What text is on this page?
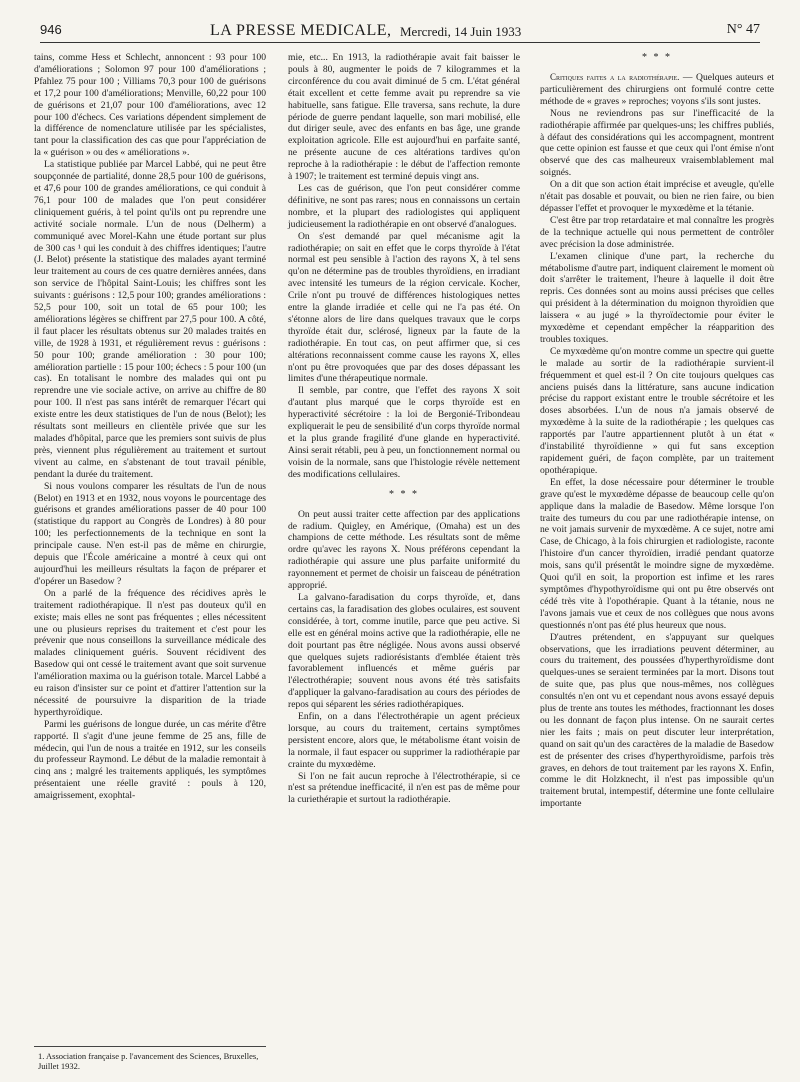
946	LA PRESSE MEDICALE, Mercredi, 14 Juin 1933	N° 47

tains, comme Hess et Schlecht, annoncent : 93 pour 100 d'améliorations ; Solomon 97 pour 100 d'améliorations ; Pfahlez 75 pour 100 ; Villiams 70,3 pour 100 de guérisons et 17,2 pour 100 d'améliorations; Menville, 60,22 pour 100 de guérisons et 21,07 pour 100 d'améliorations, avec 12 pour 100 d'échecs. Ces variations dépendent simplement de la différence de nomenclature utilisée par les spécialistes, tant pour la classification des cas que pour l'appréciation de la « guérison » ou des « améliorations ».

La statistique publiée par Marcel Labbé, qui ne peut être soupçonnée de partialité, donne 28,5 pour 100 de guérisons, et 47,6 pour 100 de grandes améliorations, ce qui conduit à 76,1 pour 100 de malades que l'on peut considérer cliniquement guéris, à tel point qu'ils ont pu reprendre une activité sociale normale. L'un de nous (Delherm) a communiqué avec Morel-Kahn une étude portant sur plus de 300 cas ¹ qui les conduit à des chiffres identiques; l'autre (J. Belot) présente la statistique des malades ayant terminé leur traitement au cours de ces quatre dernières années, dans son service de l'hôpital Saint-Louis; les chiffres sont les suivants : guérisons : 12,5 pour 100; grandes améliorations : 52,5 pour 100, soit un total de 65 pour 100; les améliorations légères se chiffrent par 27,5 pour 100. A côté, il faut placer les résultats obtenus sur 20 malades traités en ville, de 1928 à 1931, et régulièrement revus : guérisons : 50 pour 100; grande amélioration : 30 pour 100; amélioration partielle : 15 pour 100; échecs : 5 pour 100 (un cas). En totalisant le nombre des malades qui ont pu reprendre une vie sociale active, on arrive au chiffre de 80 pour 100. Il n'est pas sans intérêt de remarquer l'écart qui existe entre les deux statistiques de l'un de nous (Belot); les résultats sont meilleurs en clientèle privée que sur les malades d'hôpital, parce que les premiers sont suivis de plus près, viennent plus régulièrement au traitement et surtout vivent au calme, en s'abstenant de tout travail pénible, pendant la durée du traitement.

Si nous voulons comparer les résultats de l'un de nous (Belot) en 1913 et en 1932, nous voyons le pourcentage des guérisons et grandes améliorations passer de 40 pour 100 (statistique du rapport au Congrès de Londres) à 80 pour 100; les perfectionnements de la technique en sont la principale cause. N'en est-il pas de même en chirurgie, depuis que l'École américaine a montré à ceux qui ont aujourd'hui les meilleurs résultats la façon de préparer et d'opérer un Basedow ?

On a parlé de la fréquence des récidives après le traitement radiothérapique. Il n'est pas douteux qu'il en existe; mais elles ne sont pas fréquentes ; elles nécessitent une ou plusieurs reprises du traitement et c'est pour les prévenir que nous conseillons la surveillance médicale des malades cliniquement guéris. Souvent récidivent des Basedow qui ont cessé le traitement avant que soit survenue l'amélioration maxima ou la guérison totale. Marcel Labbé a eu raison d'insister sur ce point et d'attirer l'attention sur la nécessité de poursuivre la disparition de la triade hyperthyroïdique.

Parmi les guérisons de longue durée, un cas mérite d'être rapporté. Il s'agit d'une jeune femme de 25 ans, fille de médecin, qui l'un de nous a traitée en 1912, sur les conseils du professeur Raymond. Le début de la maladie remontait à cinq ans ; malgré les traitements appliqués, les symptômes présentaient une réelle gravité : pouls à 120, amaigrissement, exophtal-

mie, etc... En 1913, la radiothérapie avait fait baisser le pouls à 80, augmenter le poids de 7 kilogrammes et la circonférence du cou avait diminué de 5 cm. L'état général était excellent et cette femme avait pu reprendre sa vie habituelle, sans fatigue. Elle traversa, sans rechute, la dure période de guerre pendant laquelle, son mari mobilisé, elle dut diriger seule, avec des enfants en bas âge, une grande exploitation agricole. Elle est aujourd'hui en parfaite santé, ne présente aucune de ces altérations tardives qu'on reproche à la radiothérapie : le début de l'affection remonte à 1907; le traitement est terminé depuis vingt ans.

Les cas de guérison, que l'on peut considérer comme définitive, ne sont pas rares; nous en connaissons un certain nombre, et la plupart des radiologistes qui appliquent judicieusement la radiothérapie en ont observé d'analogues.

On s'est demandé par quel mécanisme agit la radiothérapie; on sait en effet que le corps thyroïde à l'état normal est peu sensible à l'action des rayons X, à tel sens qu'on ne détermine pas de troubles thyroïdiens, en irradiant avec intensité les tumeurs de la région cervicale. Kocher, Crile n'ont pu trouvé de différences histologiques nettes entre la glande irradiée et celle qui ne l'a pas été. On s'étonne alors de lire dans quelques travaux que le corps thyroïde était dur, sclérosé, ligneux par la faute de la radiothérapie. En tout cas, on peut affirmer que, si ces altérations reconnaissent comme cause les rayons X, elles n'ont pu être provoquées que par des doses dépassant les limites d'une thérapeutique normale.

Il semble, par contre, que l'effet des rayons X soit d'autant plus marqué que le corps thyroïde est en hyperactivité sécrétoire : la loi de Bergonié-Tribondeau expliquerait le peu de sensibilité d'un corps thyroïde normal et la plus grande fragilité d'une glande en hyperactivité. Ainsi serait rétabli, peu à peu, un fonctionnement normal ou voisin de la normale, sans que l'histologie révèle nettement des modifications cellulaires.

* * *

On peut aussi traiter cette affection par des applications de radium. Quigley, en Amérique, (Omaha) est un des champions de cette méthode. Les résultats sont de même ordre qu'avec les rayons X. Nous préférons cependant la radiothérapie qui assure une plus parfaite uniformité du rayonnement et permet de choisir un faisceau de pénétration approprié.

La galvano-faradisation du corps thyroïde, et, dans certains cas, la faradisation des globes oculaires, est souvent considérée, à tort, comme inutile, parce que peu active. Si elle est en général moins active que la radiothérapie, elle ne doit pourtant pas être négligée. Nous avons aussi observé que quelques sujets radiorésistants d'emblée étaient très favorablement influencés et même guéris par l'électrothérapie; souvent nous avons été très satisfaits d'appliquer la galvano-faradisation au cours des périodes de repos qui séparent les séries radiothérapiques.

Enfin, on a dans l'électrothérapie un agent précieux lorsque, au cours du traitement, certains symptômes persistent encore, alors que, le métabolisme étant voisin de la normale, il faut espacer ou supprimer la radiothérapie par crainte du myxœdème.

Si l'on ne fait aucun reproche à l'électrothérapie, si ce n'est sa prétendue inefficacité, il n'en est pas de même pour la curiethérapie et surtout la radiothérapie.

* * *

Critiques faites a la radiothérapie. — Quelques auteurs et particulièrement des chirurgiens ont formulé contre cette méthode de « graves » reproches; voyons s'ils sont justes.

Nous ne reviendrons pas sur l'inefficacité de la radiothérapie affirmée par quelques-uns; les chiffres publiés, à défaut des considérations qui les accompagnent, montrent que cette opinion est fausse et que ceux qui l'ont émise n'ont observé que des cas malheureux vraisemblablement mal soignés.

On a dit que son action était imprécise et aveugle, qu'elle n'était pas dosable et pouvait, ou bien ne rien faire, ou bien dépasser l'effet et provoquer le myxœdème et la tétanie.

C'est être par trop retardataire et mal connaître les progrès de la technique actuelle qui nous permettent de contrôler avec précision la dose administrée.

L'examen clinique d'une part, la recherche du métabolisme d'autre part, indiquent clairement le moment où doit s'arrêter le traitement, l'heure à laquelle il doit être repris. Ces données sont au moins aussi précises que celles qui président à la détermination du moignon thyroïdien que laissera « au jugé » la thyroïdectomie pour éviter le myxœdème et cependant empêcher la réapparition des troubles toxiques.

Ce myxœdème qu'on montre comme un spectre qui guette le malade au sortir de la radiothérapie survient-il fréquemment et quel est-il ? On cite toujours quelques cas anciens puisés dans la littérature, sans aucune indication précise du rapport existant entre le trouble sécrétoire et les doses absorbées. L'un de nous n'a jamais observé de myxœdème à la suite de la radiothérapie ; les quelques cas rapportés par l'autre appartiennent plutôt à un état « d'instabilité thyroïdienne » qui fut sans exception rapidement guéri, de façon complète, par un traitement opothérapique.

En effet, la dose nécessaire pour déterminer le trouble grave qu'est le myxœdème dépasse de beaucoup celle qu'on applique dans la maladie de Basedow. Même lorsque l'on traite des tumeurs du cou par une radiothérapie intense, on ne voit jamais survenir de myxœdème. A ce sujet, notre ami Case, de Chicago, à la fois chirurgien et radiologiste, raconte l'histoire d'un cancer thyroïdien, irradié pendant quatorze mois, sans qu'il présentât le moindre signe de myxœdème. Quoi qu'il en soit, la proportion est infime et les rares symptômes d'hypothyroïdisme qui ont pu être observés ont cédé très vite à l'opothérapie. Quant à la tétanie, nous ne l'avons jamais vue et ceux de nos collègues que nous avons questionnés n'ont pas été plus heureux que nous.

D'autres prétendent, en s'appuyant sur quelques observations, que les irradiations peuvent déterminer, au cours du traitement, des poussées d'hyperthyroïdisme dont quelques-unes se seraient terminées par la mort. Disons tout de suite que, pas plus que nous-mêmes, nos collègues consultés n'en ont vu et cependant nous avons essayé depuis plus de trente ans toutes les méthodes, fractionnant les doses ou les donnant de façon plus intense. On ne saurait certes nier les faits ; mais on peut discuter leur interprétation, quand on sait qu'un des caractères de la maladie de Basedow est de présenter des crises d'hyperthyroïdisme, parfois très graves, en dehors de tout traitement par les rayons X. Enfin, comme le dit Holzknecht, il n'est pas impossible qu'un traitement brutal, intempestif, détermine une fonte cellulaire importante

1. Association française p. l'avancement des Sciences, Bruxelles, Juillet 1932.
